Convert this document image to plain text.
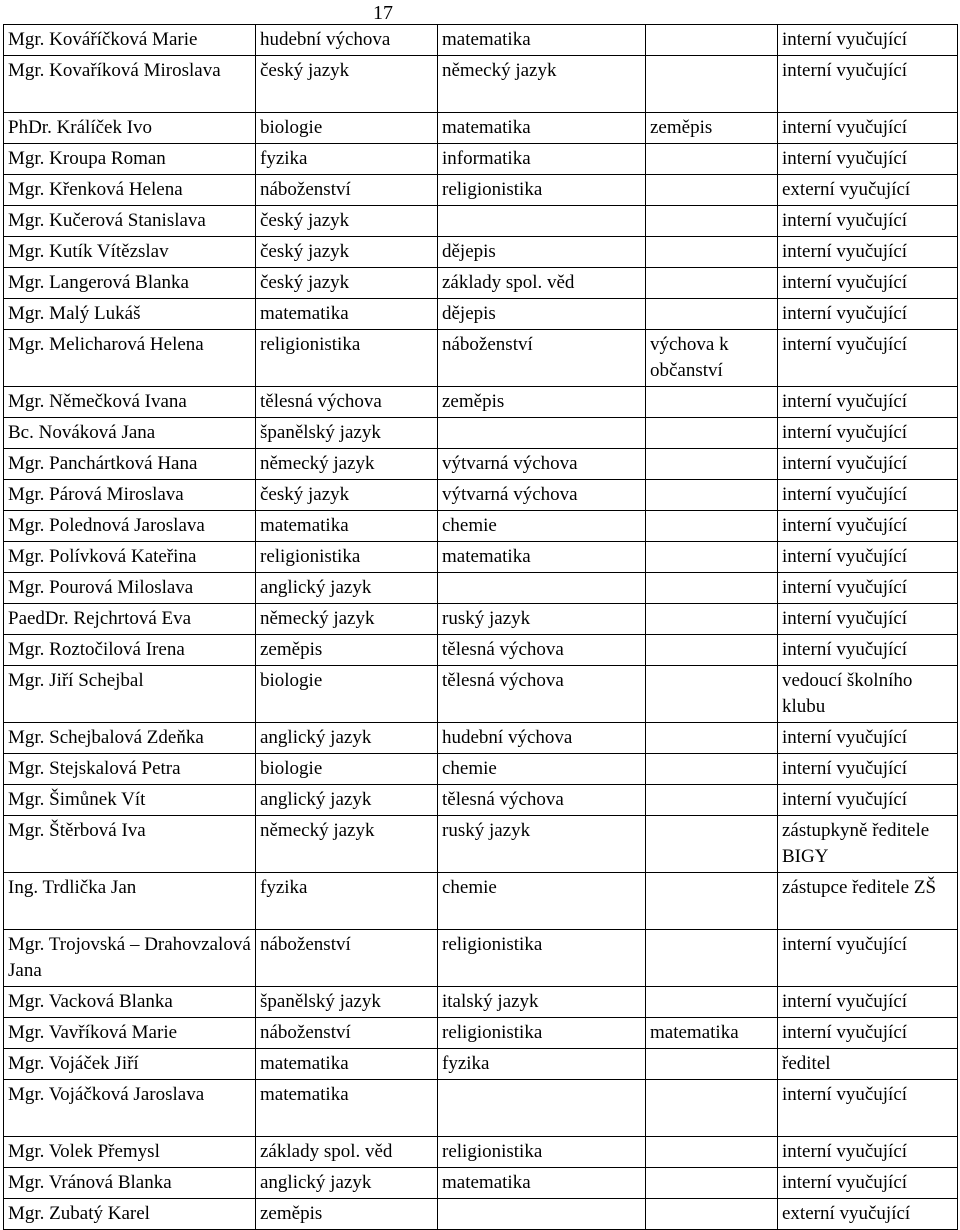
17
Mgr. Kováříčková Marie	hudební výchova	matematika		interní vyučující
Mgr. Kovaříková Miroslava	český jazyk	německý jazyk		interní vyučující
PhDr. Králíček Ivo	biologie	matematika	zeměpis	interní vyučující
Mgr. Kroupa Roman	fyzika	informatika		interní vyučující
Mgr. Křenková Helena	náboženství	religionistika		externí vyučující
Mgr. Kučerová Stanislava	český jazyk			interní vyučující
Mgr. Kutík Vítězslav	český jazyk	dějepis		interní vyučující
Mgr. Langerová Blanka	český jazyk	základy spol. věd		interní vyučující
Mgr. Malý Lukáš	matematika	dějepis		interní vyučující
Mgr. Melicharová Helena	religionistika	náboženství	výchova k občanství	interní vyučující
Mgr. Němečková Ivana	tělesná výchova	zeměpis		interní vyučující
Bc. Nováková Jana	španělský jazyk			interní vyučující
Mgr. Panchártková Hana	německý jazyk	výtvarná výchova		interní vyučující
Mgr. Párová Miroslava	český jazyk	výtvarná výchova		interní vyučující
Mgr. Polednová Jaroslava	matematika	chemie		interní vyučující
Mgr. Polívková Kateřina	religionistika	matematika		interní vyučující
Mgr. Pourová Miloslava	anglický jazyk			interní vyučující
PaedDr. Rejchrtová Eva	německý jazyk	ruský jazyk		interní vyučující
Mgr. Roztočilová Irena	zeměpis	tělesná výchova		interní vyučující
Mgr. Jiří Schejbal	biologie	tělesná výchova		vedoucí školního klubu
Mgr. Schejbalová Zdeňka	anglický jazyk	hudební výchova		interní vyučující
Mgr. Stejskalová Petra	biologie	chemie		interní vyučující
Mgr. Šimůnek Vít	anglický jazyk	tělesná výchova		interní vyučující
Mgr. Štěrbová Iva	německý jazyk	ruský jazyk		zástupkyně ředitele BIGY
Ing. Trdlička Jan	fyzika	chemie		zástupce ředitele ZŠ
Mgr. Trojovská – Drahovzalová Jana	náboženství	religionistika		interní vyučující
Mgr. Vacková Blanka	španělský jazyk	italský jazyk		interní vyučující
Mgr. Vavříková Marie	náboženství	religionistika	matematika	interní vyučující
Mgr. Vojáček Jiří	matematika	fyzika		ředitel
Mgr. Vojáčková Jaroslava	matematika			interní vyučující
Mgr. Volek Přemysl	základy spol. věd	religionistika		interní vyučující
Mgr. Vránová Blanka	anglický jazyk	matematika		interní vyučující
Mgr. Zubatý Karel	zeměpis			externí vyučující
